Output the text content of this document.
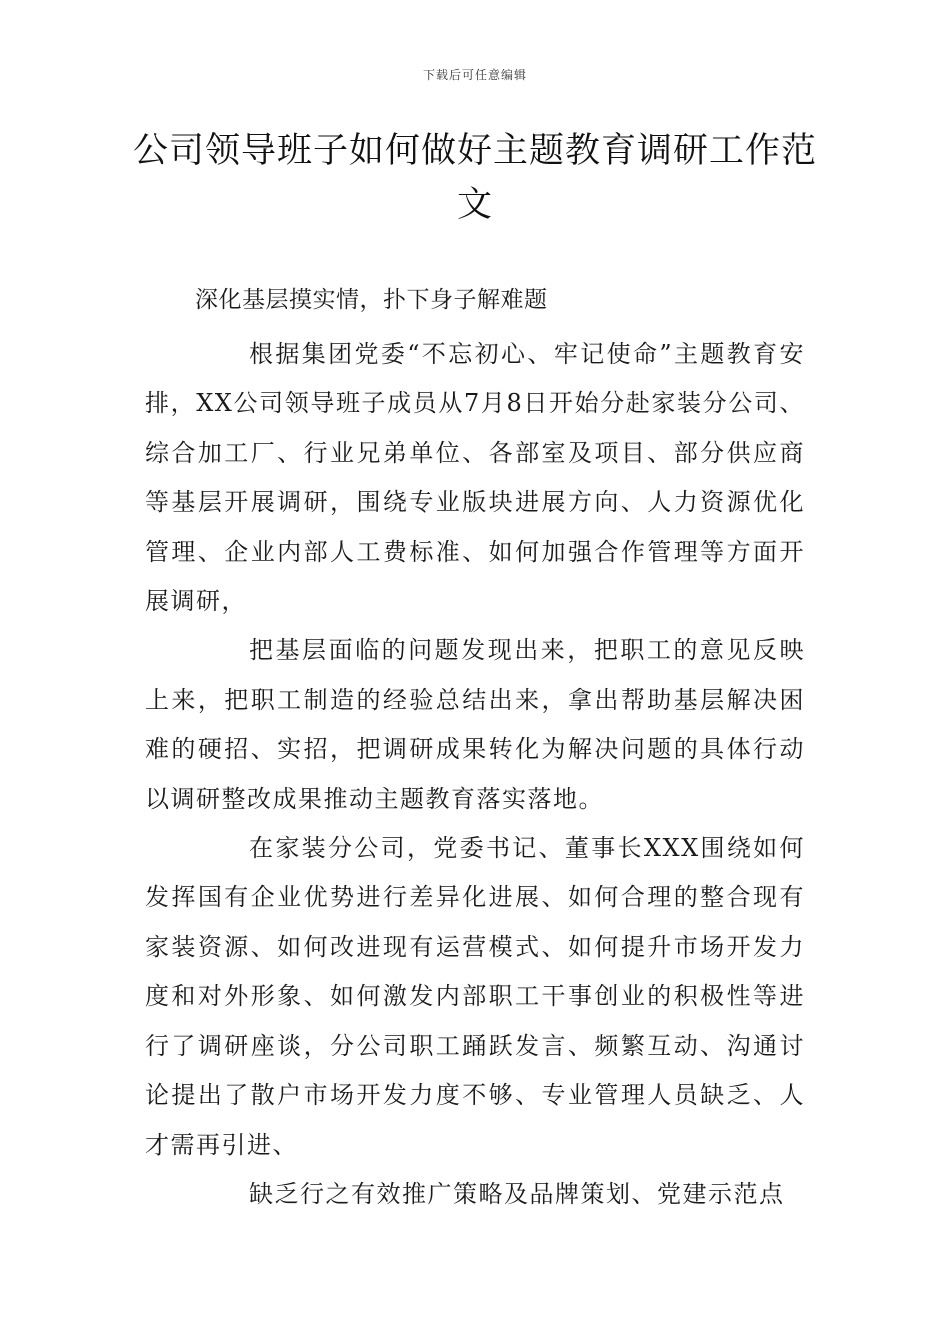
下载后可任意编辑
公司领导班子如何做好主题教育调研工作范文
深化基层摸实情，扑下身子解难题

根据集团党委“不忘初心、牢记使命”主题教育安排，XX公司领导班子成员从7月8日开始分赴家装分公司、综合加工厂、行业兄弟单位、各部室及项目、部分供应商等基层开展调研，围绕专业版块进展方向、人力资源优化管理、企业内部人工费标准、如何加强合作管理等方面开展调研，

把基层面临的问题发现出来，把职工的意见反映上来，把职工制造的经验总结出来，拿出帮助基层解决困难的硬招、实招，把调研成果转化为解决问题的具体行动以调研整改成果推动主题教育落实落地。

在家装分公司，党委书记、董事长XXX围绕如何发挥国有企业优势进行差异化进展、如何合理的整合现有家装资源、如何改进现有运营模式、如何提升市场开发力度和对外形象、如何激发内部职工干事创业的积极性等进行了调研座谈，分公司职工踊跃发言、频繁互动、沟通讨论提出了散户市场开发力度不够、专业管理人员缺乏、人才需再引进、

缺乏行之有效推广策略及品牌策划、党建示范点
